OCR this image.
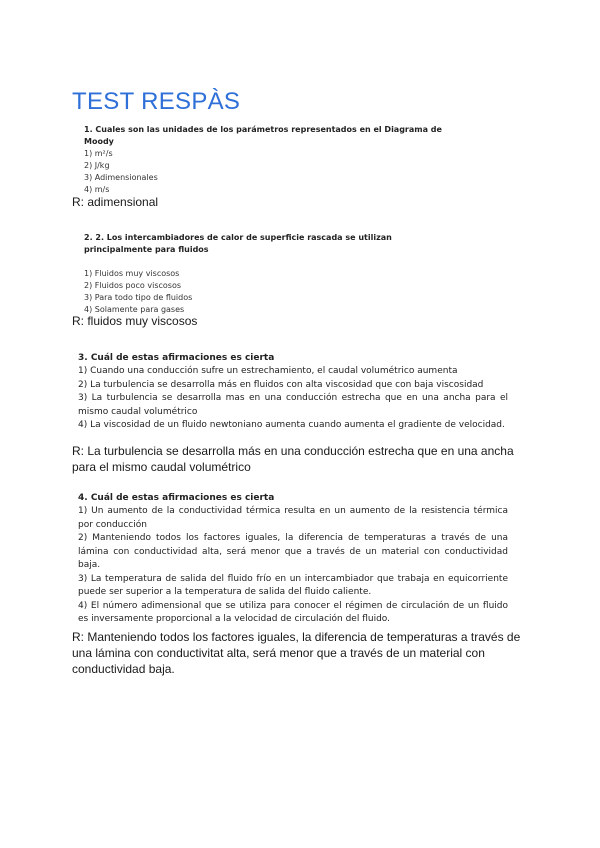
TEST RESPÀS
1. Cuales son las unidades de los parámetros representados en el Diagrama de Moody
1) m²/s
2) J/kg
3) Adimensionales
4) m/s
R: adimensional
2. 2. Los intercambiadores de calor de superficie rascada se utilizan principalmente para fluidos
1) Fluidos muy viscosos
2) Fluidos poco viscosos
3) Para todo tipo de fluidos
4) Solamente para gases
R: fluidos muy viscosos
3. Cuál de estas afirmaciones es cierta
1) Cuando una conducción sufre un estrechamiento, el caudal volumétrico aumenta
2) La turbulencia se desarrolla más en fluidos con alta viscosidad que con baja viscosidad
3) La turbulencia se desarrolla mas en una conducción estrecha que en una ancha para el mismo caudal volumétrico
4) La viscosidad de un fluido newtoniano aumenta cuando aumenta el gradiente de velocidad.
R: La turbulencia se desarrolla más en una conducción estrecha que en una ancha para el mismo caudal volumétrico
4. Cuál de estas afirmaciones es cierta
1) Un aumento de la conductividad térmica resulta en un aumento de la resistencia térmica por conducción
2) Manteniendo todos los factores iguales, la diferencia de temperaturas a través de una lámina con conductividad alta, será menor que a través de un material con conductividad baja.
3) La temperatura de salida del fluido frío en un intercambiador que trabaja en equicorriente puede ser superior a la temperatura de salida del fluido caliente.
4) El número adimensional que se utiliza para conocer el régimen de circulación de un fluido es inversamente proporcional a la velocidad de circulación del fluido.
R: Manteniendo todos los factores iguales, la diferencia de temperaturas a través de una lámina con conductivitat alta, será menor que a través de un material con conductividad baja.
